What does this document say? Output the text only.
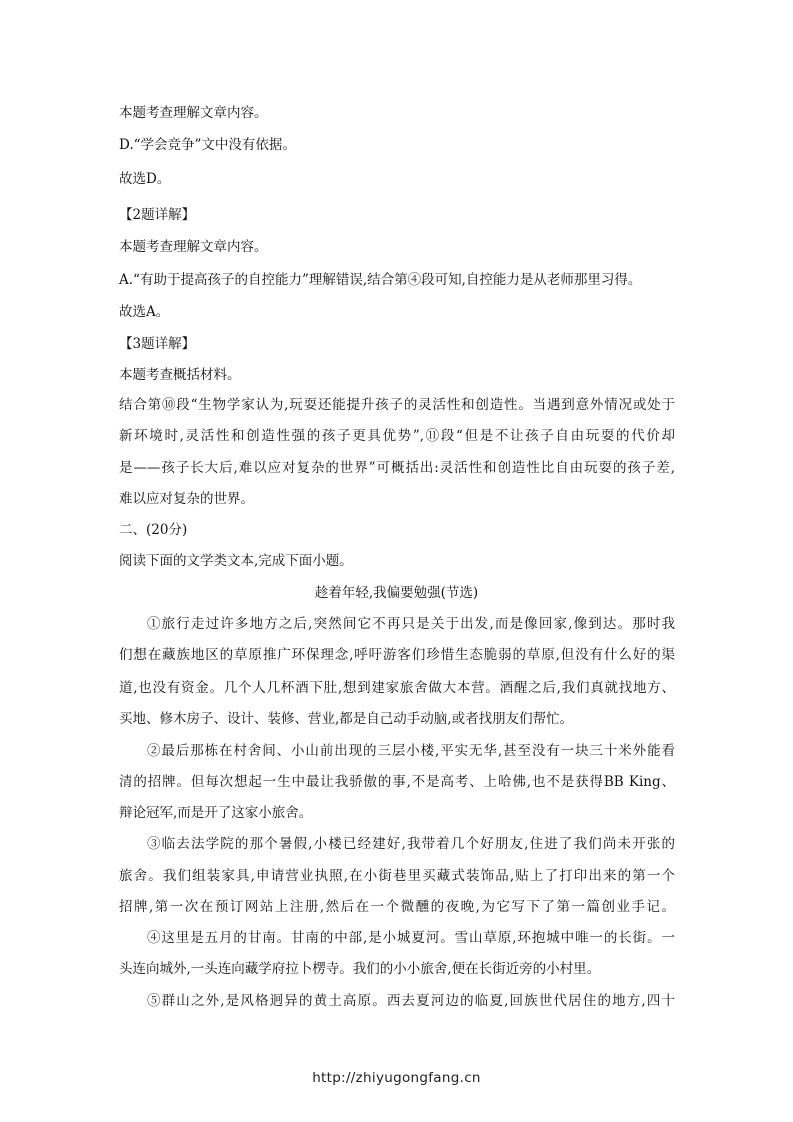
本题考查理解文章内容。
D.“学会竞争”文中没有依据。
故选D。
【2题详解】
本题考查理解文章内容。
A.“有助于提高孩子的自控能力”理解错误,结合第④段可知,自控能力是从老师那里习得。
故选A。
【3题详解】
本题考查概括材料。
结合第⑩段“生物学家认为,玩耍还能提升孩子的灵活性和创造性。当遇到意外情况或处于
新环境时,灵活性和创造性强的孩子更具优势”,⑪段“但是不让孩子自由玩耍的代价却
是——孩子长大后,难以应对复杂的世界”可概括出:灵活性和创造性比自由玩耍的孩子差,
难以应对复杂的世界。
二、(20分)
阅读下面的文学类文本,完成下面小题。
趁着年轻,我偏要勉强(节选)
①旅行走过许多地方之后,突然间它不再只是关于出发,而是像回家,像到达。那时我
们想在藏族地区的草原推广环保理念,呼吁游客们珍惜生态脆弱的草原,但没有什么好的渠
道,也没有资金。几个人几杯酒下肚,想到建家旅舍做大本营。酒醒之后,我们真就找地方、
买地、修木房子、设计、装修、营业,都是自己动手动脑,或者找朋友们帮忙。
②最后那栋在村舍间、小山前出现的三层小楼,平实无华,甚至没有一块三十米外能看
清的招牌。但每次想起一生中最让我骄傲的事,不是高考、上哈佛,也不是获得BB King、
辩论冠军,而是开了这家小旅舍。
③临去法学院的那个暑假,小楼已经建好,我带着几个好朋友,住进了我们尚未开张的
旅舍。我们组装家具,申请营业执照,在小街巷里买藏式装饰品,贴上了打印出来的第一个
招牌,第一次在预订网站上注册,然后在一个微醺的夜晚,为它写下了第一篇创业手记。
④这里是五月的甘南。甘南的中部,是小城夏河。雪山草原,环抱城中唯一的长街。一
头连向城外,一头连向藏学府拉卜楞寺。我们的小小旅舍,便在长街近旁的小村里。
⑤群山之外,是风格迥异的黄土高原。西去夏河边的临夏,回族世代居住的地方,四十
http://zhiyugongfang.cn
